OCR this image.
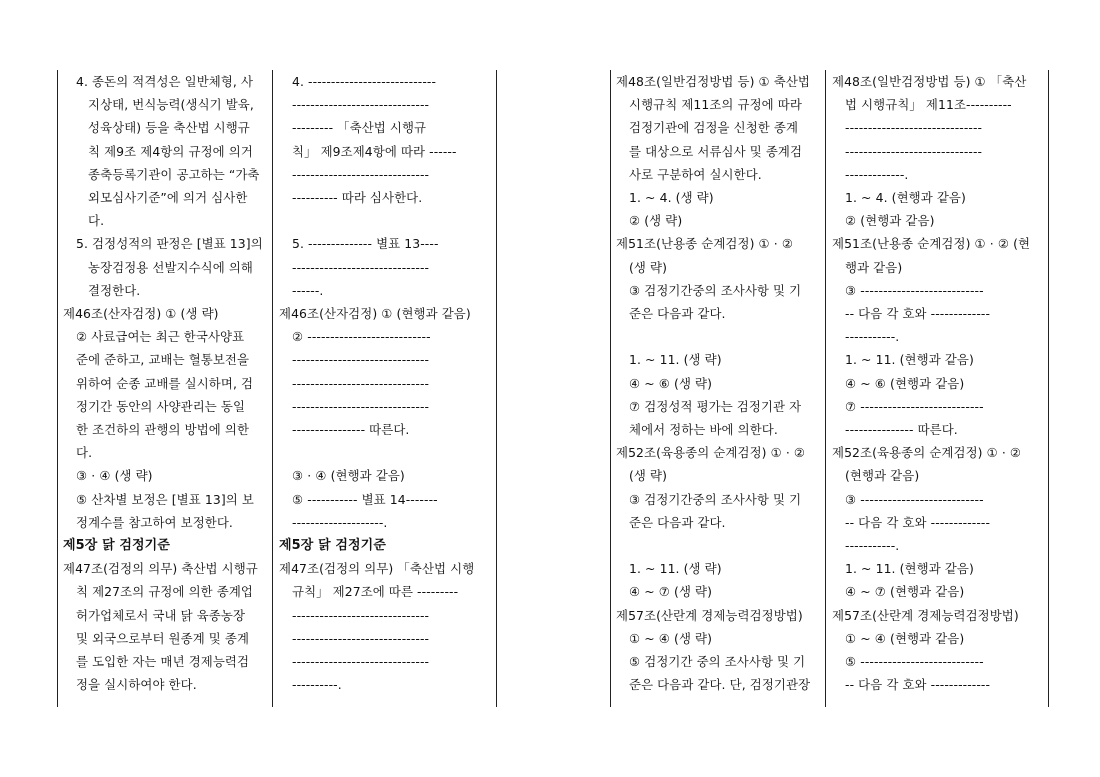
4. 종돈의 적격성은 일반체형, 사
지상태, 번식능력(생식기 발육,
성육상태) 등을 축산법 시행규
칙 제9조 제4항의 규정에 의거
종축등록기관이 공고하는 “가축
외모심사기준”에 의거 심사한
다.
5. 검정성적의 판정은 [별표 13]의
농장검정용 선발지수식에 의해
결정한다.
제46조(산자검정) ① (생 략)
② 사료급여는 최근 한국사양표
준에 준하고, 교배는 혈통보전을
위하여 순종 교배를 실시하며, 검
정기간 동안의 사양관리는 동일
한 조건하의 관행의 방법에 의한
다.
③ · ④ (생 략)
⑤ 산차별 보정은 [별표 13]의 보
정계수를 참고하여 보정한다.
제5장 닭 검정기준
제47조(검정의 의무) 축산법 시행규
칙 제27조의 규정에 의한 종계업
허가업체로서 국내 닭 육종농장
및 외국으로부터 원종계 및 종계
를 도입한 자는 매년 경제능력검
정을 실시하여야 한다.
4. ----------------------------
------------------------------
--------- 「축산법 시행규
칙」 제9조제4항에 따라 ------
------------------------------
---------- 따라 심사한다.
5. -------------- 별표 13----
------------------------------
------.
제46조(산자검정) ① (현행과 같음)
② ---------------------------
------------------------------
------------------------------
------------------------------
---------------- 따른다.
③ · ④ (현행과 같음)
⑤ ----------- 별표 14-------
--------------------.
제5장 닭 검정기준
제47조(검정의 의무) 「축산법 시행
규칙」 제27조에 따른 ---------
------------------------------
------------------------------
------------------------------
----------.
제48조(일반검정방법 등) ① 축산법
시행규칙 제11조의 규정에 따라
검정기관에 검정을 신청한 종계
를 대상으로 서류심사 및 종계검
사로 구분하여 실시한다.
1. ~ 4. (생 략)
② (생 략)
제51조(난용종 순계검정) ① · ②
(생 략)
③ 검정기간중의 조사사항 및 기
준은 다음과 같다.
1. ~ 11. (생 략)
④ ~ ⑥ (생 략)
⑦ 검정성적 평가는 검정기관 자
체에서 정하는 바에 의한다.
제52조(육용종의 순계검정) ① · ②
(생 략)
③ 검정기간중의 조사사항 및 기
준은 다음과 같다.
1. ~ 11. (생 략)
④ ~ ⑦ (생 략)
제57조(산란계 경제능력검정방법)
① ~ ④ (생 략)
⑤ 검정기간 중의 조사사항 및 기
준은 다음과 같다. 단, 검정기관장
제48조(일반검정방법 등) ① 「축산
법 시행규칙」 제11조----------
------------------------------
------------------------------
-------------.
1. ~ 4. (현행과 같음)
② (현행과 같음)
제51조(난용종 순계검정) ① · ② (현
행과 같음)
③ ---------------------------
-- 다음 각 호와 -------------
-----------.
1. ~ 11. (현행과 같음)
④ ~ ⑥ (현행과 같음)
⑦ ---------------------------
--------------- 따른다.
제52조(육용종의 순계검정) ① · ②
(현행과 같음)
③ ---------------------------
-- 다음 각 호와 -------------
-----------.
1. ~ 11. (현행과 같음)
④ ~ ⑦ (현행과 같음)
제57조(산란계 경제능력검정방법)
① ~ ④ (현행과 같음)
⑤ ---------------------------
-- 다음 각 호와 -------------
